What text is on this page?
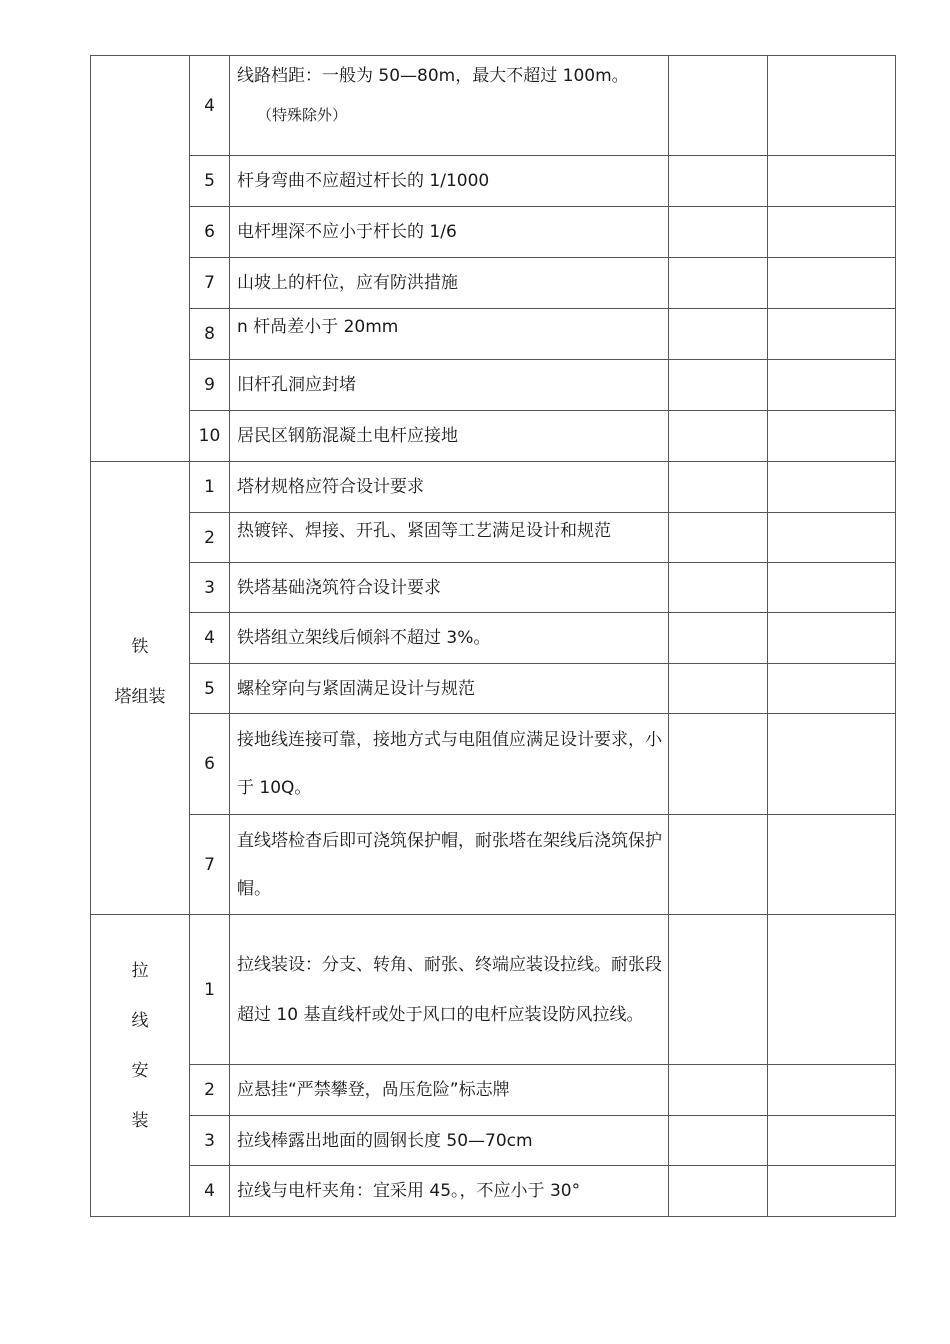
	4	线路档距：一般为 50—80m，最大不超过 100m。
（特殊除外）		

	5	杆身弯曲不应超过杆长的 1/1000		
	6	电杆埋深不应小于杆长的 1/6		
	7	山坡上的杆位，应有防洪措施		
	8	n 杆咼差小于 20mm		
	9	旧杆孔洞应封堵		
	10	居民区钢筋混凝土电杆应接地		

铁
塔组装	1	塔材规格应符合设计要求		
	2	热镀锌、焊接、开孔、紧固等工艺满足设计和规范		
	3	铁塔基础浇筑符合设计要求		
	4	铁塔组立架线后倾斜不超过 3%。		
	5	螺栓穿向与紧固满足设计与规范		
	6	接地线连接可靠，接地方式与电阻值应满足设计要求，小于 10Q。		
	7	直线塔检杳后即可浇筑保护帽，耐张塔在架线后浇筑保护帽。		

拉
线
安
装	1	拉线装设：分支、转角、耐张、终端应装设拉线。耐张段超过 10 基直线杆或处于风口的电杆应装设防风拉线。		
	2	应悬挂“严禁攀登，咼压危险”标志牌		
	3	拉线棒露出地面的圆钢长度 50—70cm		
	4	拉线与电杆夹角：宜采用 45。，不应小于 30°		
